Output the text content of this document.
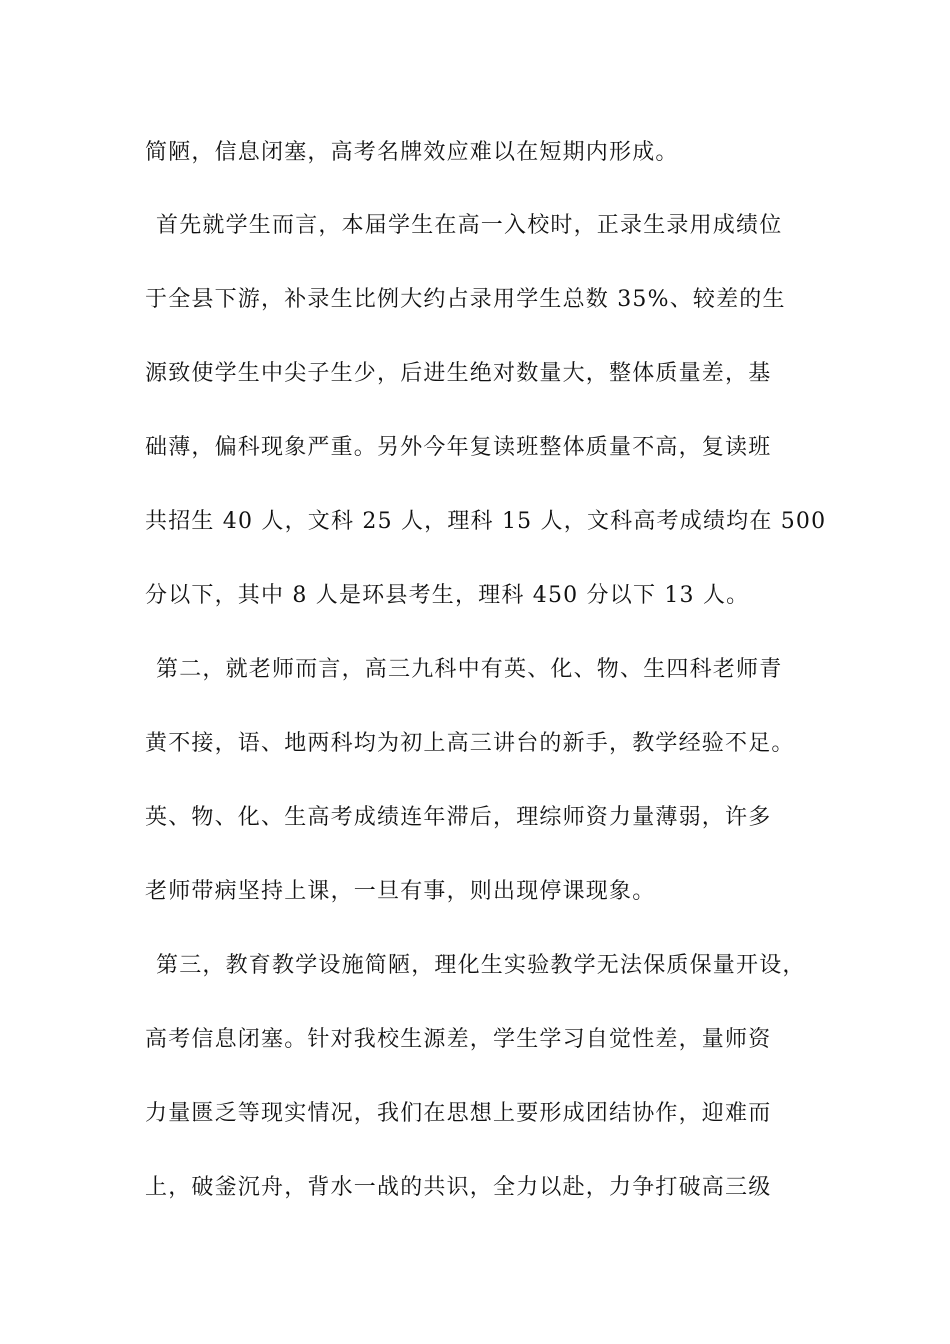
简陋，信息闭塞，高考名牌效应难以在短期内形成。
首先就学生而言，本届学生在高一入校时，正录生录用成绩位
于全县下游，补录生比例大约占录用学生总数 35%、较差的生
源致使学生中尖子生少，后进生绝对数量大，整体质量差，基
础薄，偏科现象严重。另外今年复读班整体质量不高，复读班
共招生 40 人，文科 25 人，理科 15 人，文科高考成绩均在 500
分以下，其中 8 人是环县考生，理科 450 分以下 13 人。
第二，就老师而言，高三九科中有英、化、物、生四科老师青
黄不接，语、地两科均为初上高三讲台的新手，教学经验不足。
英、物、化、生高考成绩连年滞后，理综师资力量薄弱，许多
老师带病坚持上课，一旦有事，则出现停课现象。
第三，教育教学设施简陋，理化生实验教学无法保质保量开设，
高考信息闭塞。针对我校生源差，学生学习自觉性差，量师资
力量匮乏等现实情况，我们在思想上要形成团结协作，迎难而
上，破釜沉舟，背水一战的共识，全力以赴，力争打破高三级
